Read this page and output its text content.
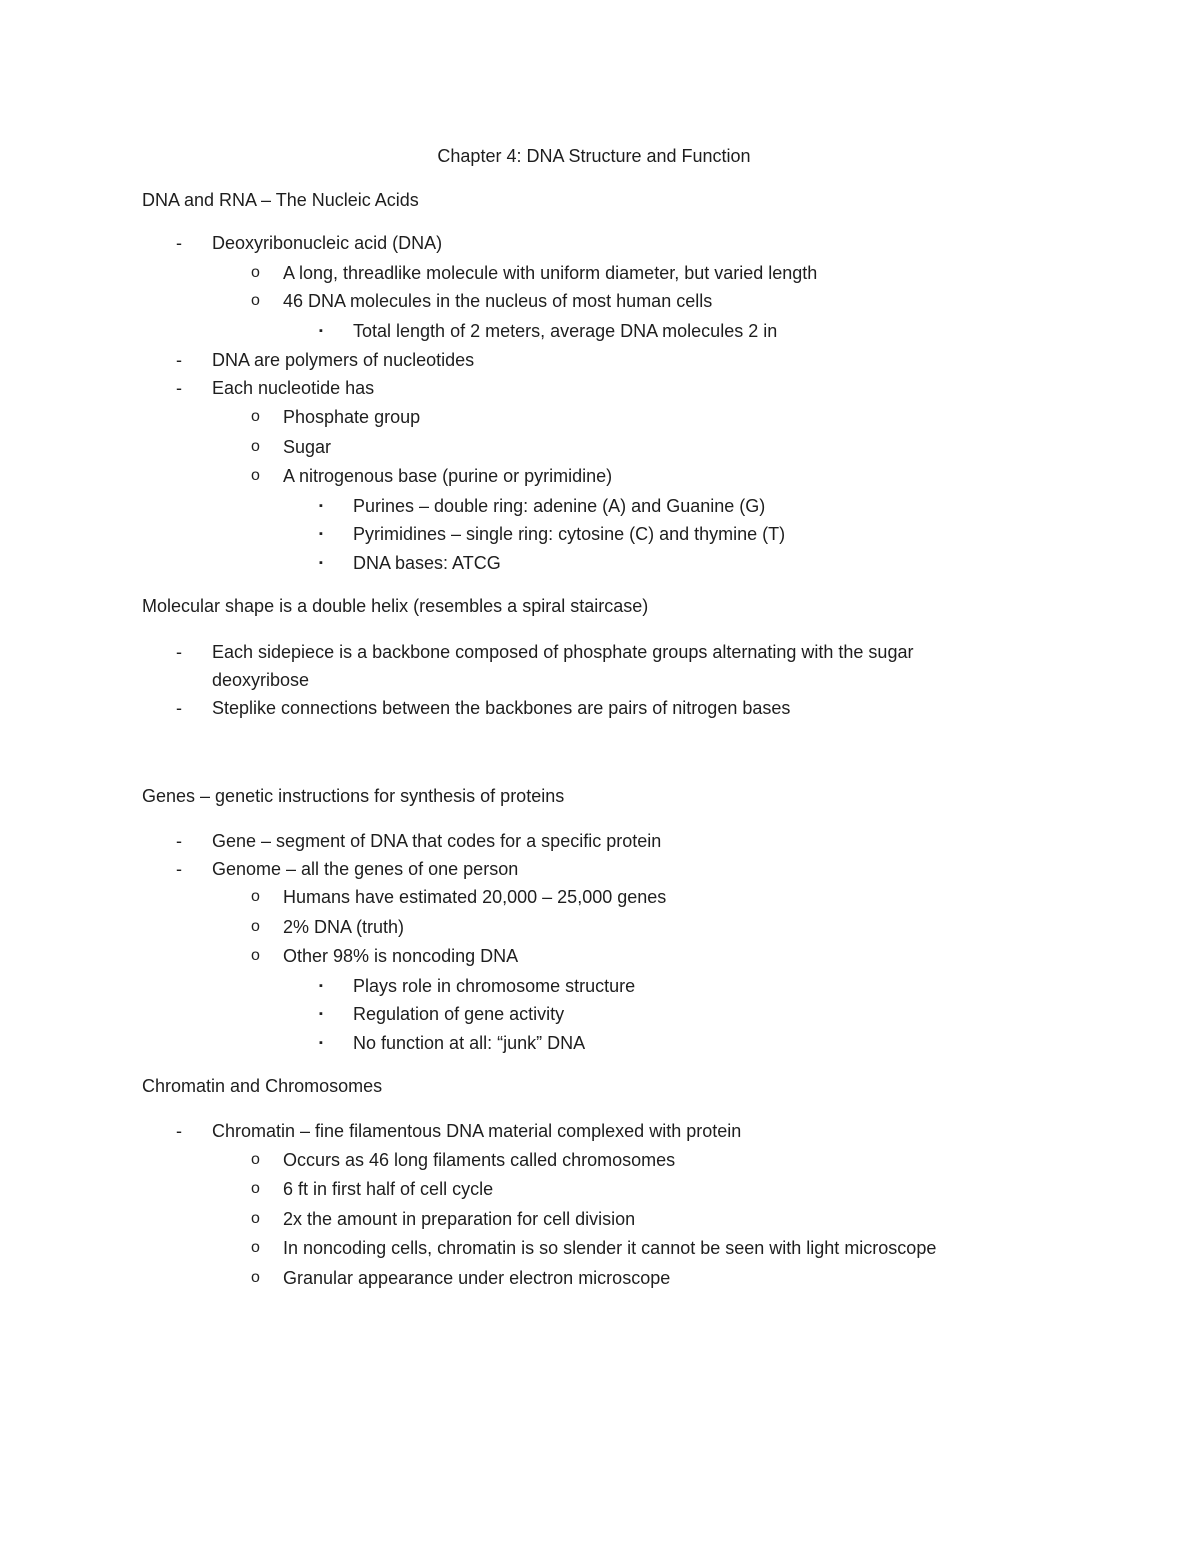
Chapter 4: DNA Structure and Function
DNA and RNA – The Nucleic Acids
- Deoxyribonucleic acid (DNA)
o A long, threadlike molecule with uniform diameter, but varied length
o 46 DNA molecules in the nucleus of most human cells
▪ Total length of 2 meters, average DNA molecules 2 in
- DNA are polymers of nucleotides
- Each nucleotide has
o Phosphate group
o Sugar
o A nitrogenous base (purine or pyrimidine)
▪ Purines – double ring: adenine (A) and Guanine (G)
▪ Pyrimidines – single ring: cytosine (C) and thymine (T)
▪ DNA bases: ATCG
Molecular shape is a double helix (resembles a spiral staircase)
- Each sidepiece is a backbone composed of phosphate groups alternating with the sugar
deoxyribose
- Steplike connections between the backbones are pairs of nitrogen bases
Genes – genetic instructions for synthesis of proteins
- Gene – segment of DNA that codes for a specific protein
- Genome – all the genes of one person
o Humans have estimated 20,000 – 25,000 genes
o 2% DNA (truth)
o Other 98% is noncoding DNA
▪ Plays role in chromosome structure
▪ Regulation of gene activity
▪ No function at all: “junk” DNA
Chromatin and Chromosomes
- Chromatin – fine filamentous DNA material complexed with protein
o Occurs as 46 long filaments called chromosomes
o 6 ft in first half of cell cycle
o 2x the amount in preparation for cell division
o In noncoding cells, chromatin is so slender it cannot be seen with light microscope
o Granular appearance under electron microscope
